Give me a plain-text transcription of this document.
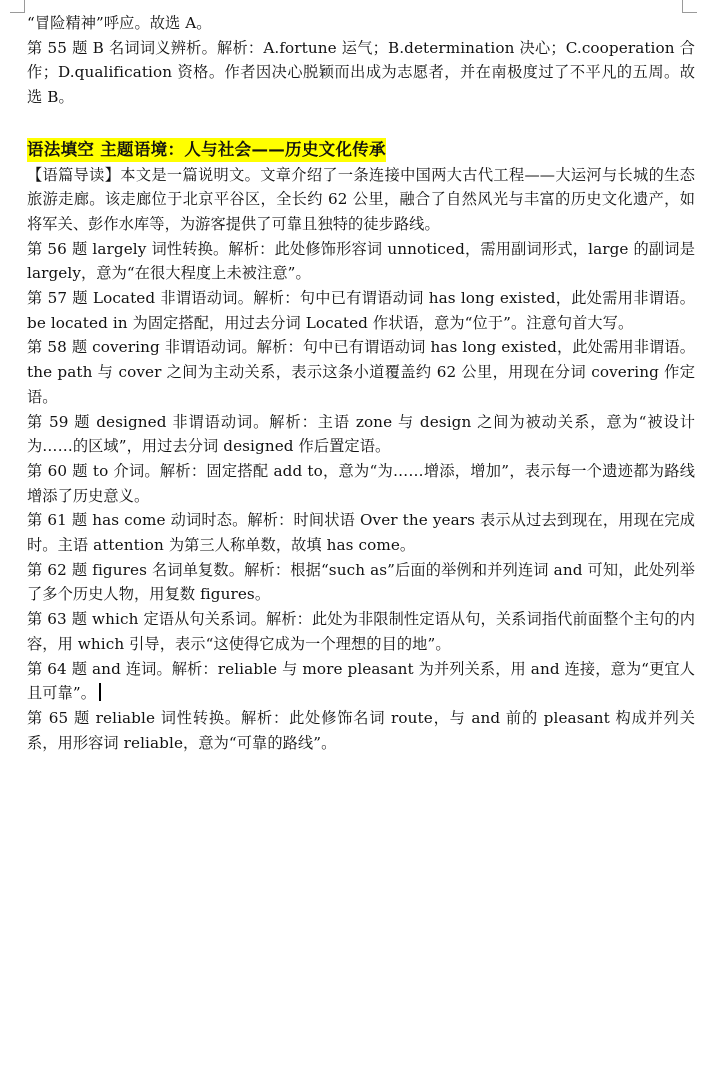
“冒险精神”呼应。故选 A。

第 55 题 B 名词词义辨析。解析：A.fortune 运气；B.determination 决心；C.cooperation 合作；D.qualification 资格。作者因决心脱颖而出成为志愿者，并在南极度过了不平凡的五周。故选 B。

语法填空 主题语境：人与社会——历史文化传承

【语篇导读】本文是一篇说明文。文章介绍了一条连接中国两大古代工程——大运河与长城的生态旅游走廊。该走廊位于北京平谷区，全长约 62 公里，融合了自然风光与丰富的历史文化遗产，如将军关、彭作水库等，为游客提供了可靠且独特的徒步路线。

第 56 题 largely 词性转换。解析：此处修饰形容词 unnoticed，需用副词形式，large 的副词是 largely，意为“在很大程度上未被注意”。

第 57 题 Located 非谓语动词。解析：句中已有谓语动词 has long existed，此处需用非谓语。be located in 为固定搭配，用过去分词 Located 作状语，意为“位于”。注意句首大写。

第 58 题 covering 非谓语动词。解析：句中已有谓语动词 has long existed，此处需用非谓语。the path 与 cover 之间为主动关系，表示这条小道覆盖约 62 公里，用现在分词 covering 作定语。

第 59 题 designed 非谓语动词。解析：主语 zone 与 design 之间为被动关系，意为“被设计为……的区域”，用过去分词 designed 作后置定语。

第 60 题 to 介词。解析：固定搭配 add to，意为“为……增添，增加”，表示每一个遗迹都为路线增添了历史意义。

第 61 题 has come 动词时态。解析：时间状语 Over the years 表示从过去到现在，用现在完成时。主语 attention 为第三人称单数，故填 has come。

第 62 题 figures 名词单复数。解析：根据“such as”后面的举例和并列连词 and 可知，此处列举了多个历史人物，用复数 figures。

第 63 题 which 定语从句关系词。解析：此处为非限制性定语从句，关系词指代前面整个主句的内容，用 which 引导，表示“这使得它成为一个理想的目的地”。

第 64 题 and 连词。解析：reliable 与 more pleasant 为并列关系，用 and 连接，意为“更宜人且可靠”。

第 65 题 reliable 词性转换。解析：此处修饰名词 route，与 and 前的 pleasant 构成并列关系，用形容词 reliable，意为“可靠的路线”。
